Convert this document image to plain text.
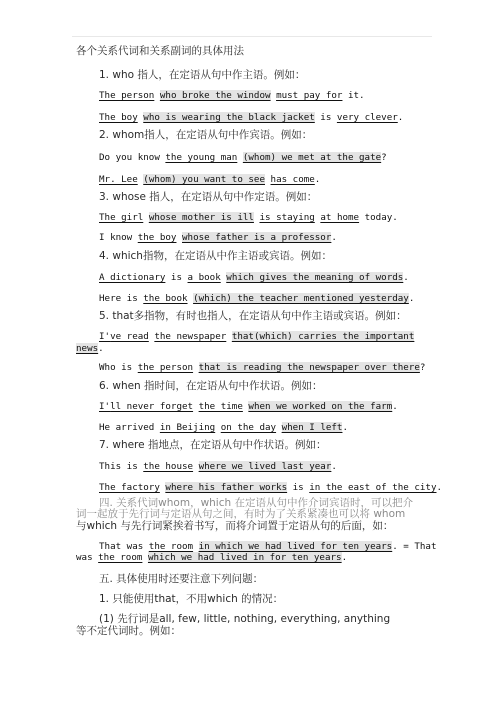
各个关系代词和关系副词的具体用法
1. who 指人，在定语从句中作主语。例如：
The person who broke the window must pay for it.
The boy who is wearing the black jacket is very clever.
2. whom指人，在定语从句中作宾语。例如：
Do you know the young man (whom) we met at the gate?
Mr. Lee (whom) you want to see has come.
3. whose 指人，在定语从句中作定语。例如：
The girl whose mother is ill is staying at home today.
I know the boy whose father is a professor.
4. which指物，在定语从中作主语或宾语。例如：
A dictionary is a book which gives the meaning of words.
Here is the book (which) the teacher mentioned yesterday.
5. that多指物，有时也指人，在定语从句中作主语或宾语。例如：
I've read the newspaper that(which) carries the important
news.
Who is the person that is reading the newspaper over there?
6. when 指时间，在定语从句中作状语。例如：
I'll never forget the time when we worked on the farm.
He arrived in Beijing on the day when I left.
7. where 指地点，在定语从句中作状语。例如：
This is the house where we lived last year.
The factory where his father works is in the east of the city.
四. 关系代词whom，which 在定语从句中作介词宾语时，可以把介
词一起放于先行词与定语从句之间，有时为了关系紧凑也可以将 whom
与which 与先行词紧挨着书写，而将介词置于定语从句的后面，如：
That was the room in which we had lived for ten years. = That
was the room which we had lived in for ten years.
五. 具体使用时还要注意下列问题：
1. 只能使用that，不用which 的情况：
(1) 先行词是all, few, little, nothing, everything, anything
等不定代词时。例如：
